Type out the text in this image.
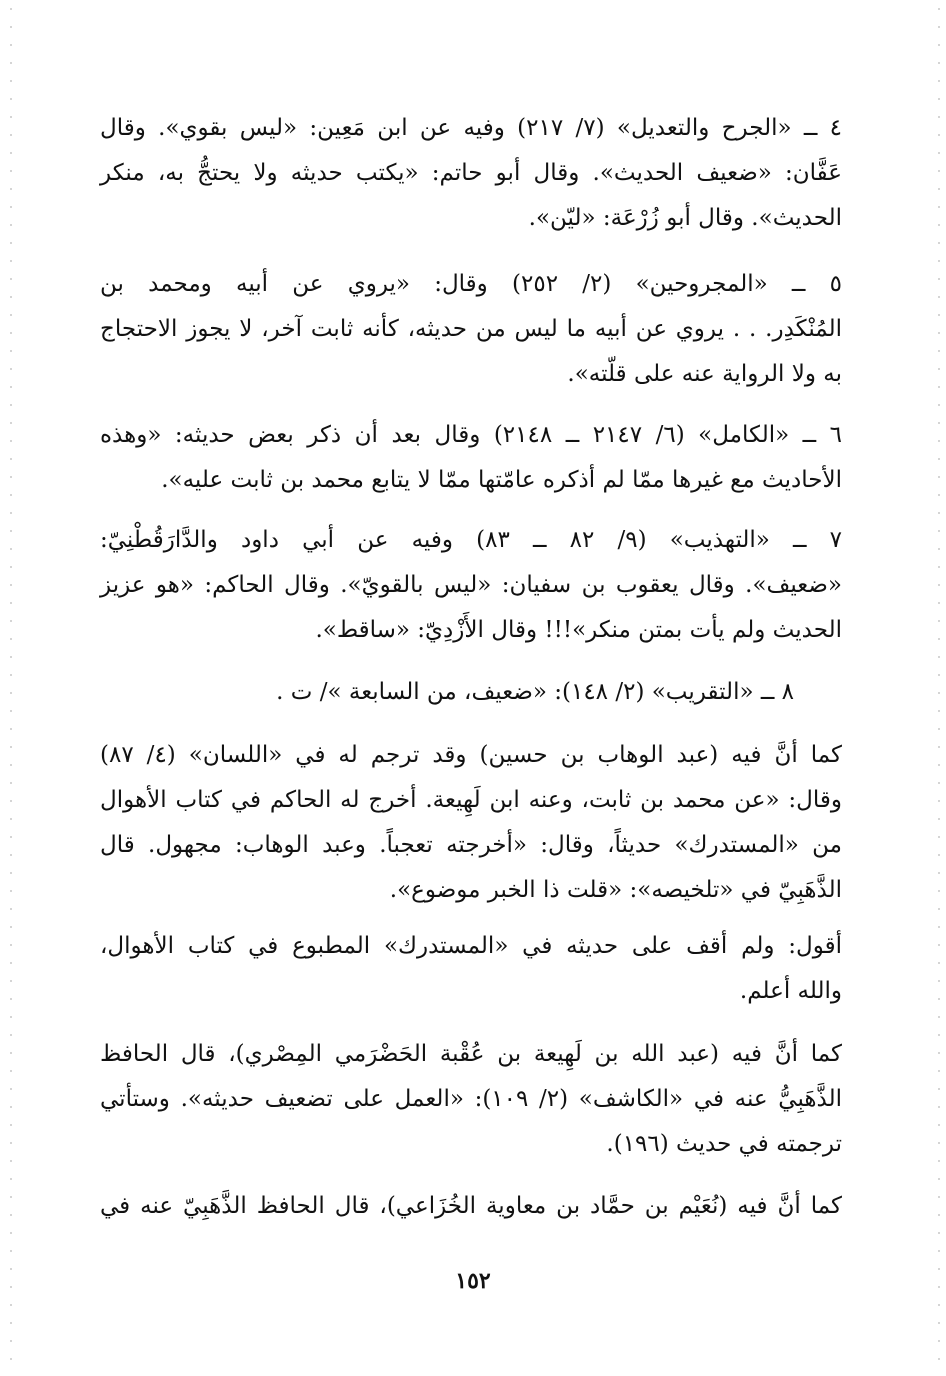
٤ ــ «الجرح والتعديل» (٧/ ٢١٧) وفيه عن ابن مَعِين: «ليس بقوي». وقال
عَفَّان: «ضعيف الحديث». وقال أبو حاتم: «يكتب حديثه ولا يحتجُّ به، منكر
الحديث». وقال أبو زُرْعَة: «ليّن».
٥ ــ «المجروحين» (٢/ ٢٥٢) وقال: «يروي عن أبيه ومحمد بن
المُنْكَدِر. . . يروي عن أبيه ما ليس من حديثه، كأنه ثابت آخر، لا يجوز الاحتجاج
به ولا الرواية عنه على قلّته».
٦ ــ «الكامل» (٦/ ٢١٤٧ ــ ٢١٤٨) وقال بعد أن ذكر بعض حديثه: «وهذه
الأحاديث مع غيرها ممّا لم أذكره عامّتها ممّا لا يتابع محمد بن ثابت عليه».
٧ ــ «التهذيب» (٩/ ٨٢ ــ ٨٣) وفيه عن أبي داود والدَّارَقُطْنِيّ:
«ضعيف». وقال يعقوب بن سفيان: «ليس بالقويّ». وقال الحاكم: «هو عزيز
الحديث ولم يأت بمتن منكر»!!! وقال الأَزْدِيّ: «ساقط».
٨ ــ «التقريب» (٢/ ١٤٨): «ضعيف، من السابعة »/ ت .
كما أنَّ فيه (عبد الوهاب بن حسين) وقد ترجم له في «اللسان» (٤/ ٨٧)
وقال: «عن محمد بن ثابت، وعنه ابن لَهِيعة. أخرج له الحاكم في كتاب الأهوال
من «المستدرك» حديثاً، وقال: «أخرجته تعجباً. وعبد الوهاب: مجهول. قال
الذَّهَبِيّ في «تلخيصه»: «قلت ذا الخبر موضوع».
أقول: ولم أقف على حديثه في «المستدرك» المطبوع في كتاب الأهوال،
والله أعلم.
كما أنَّ فيه (عبد الله بن لَهِيعة بن عُقْبة الحَضْرَمي المِصْري)، قال الحافظ
الذَّهَبِيُّ عنه في «الكاشف» (٢/ ١٠٩): «العمل على تضعيف حديثه». وستأتي
ترجمته في حديث (١٩٦).
كما أنَّ فيه (نُعَيْم بن حمَّاد بن معاوية الخُزَاعي)، قال الحافظ الذَّهَبِيّ عنه في
١٥٢
